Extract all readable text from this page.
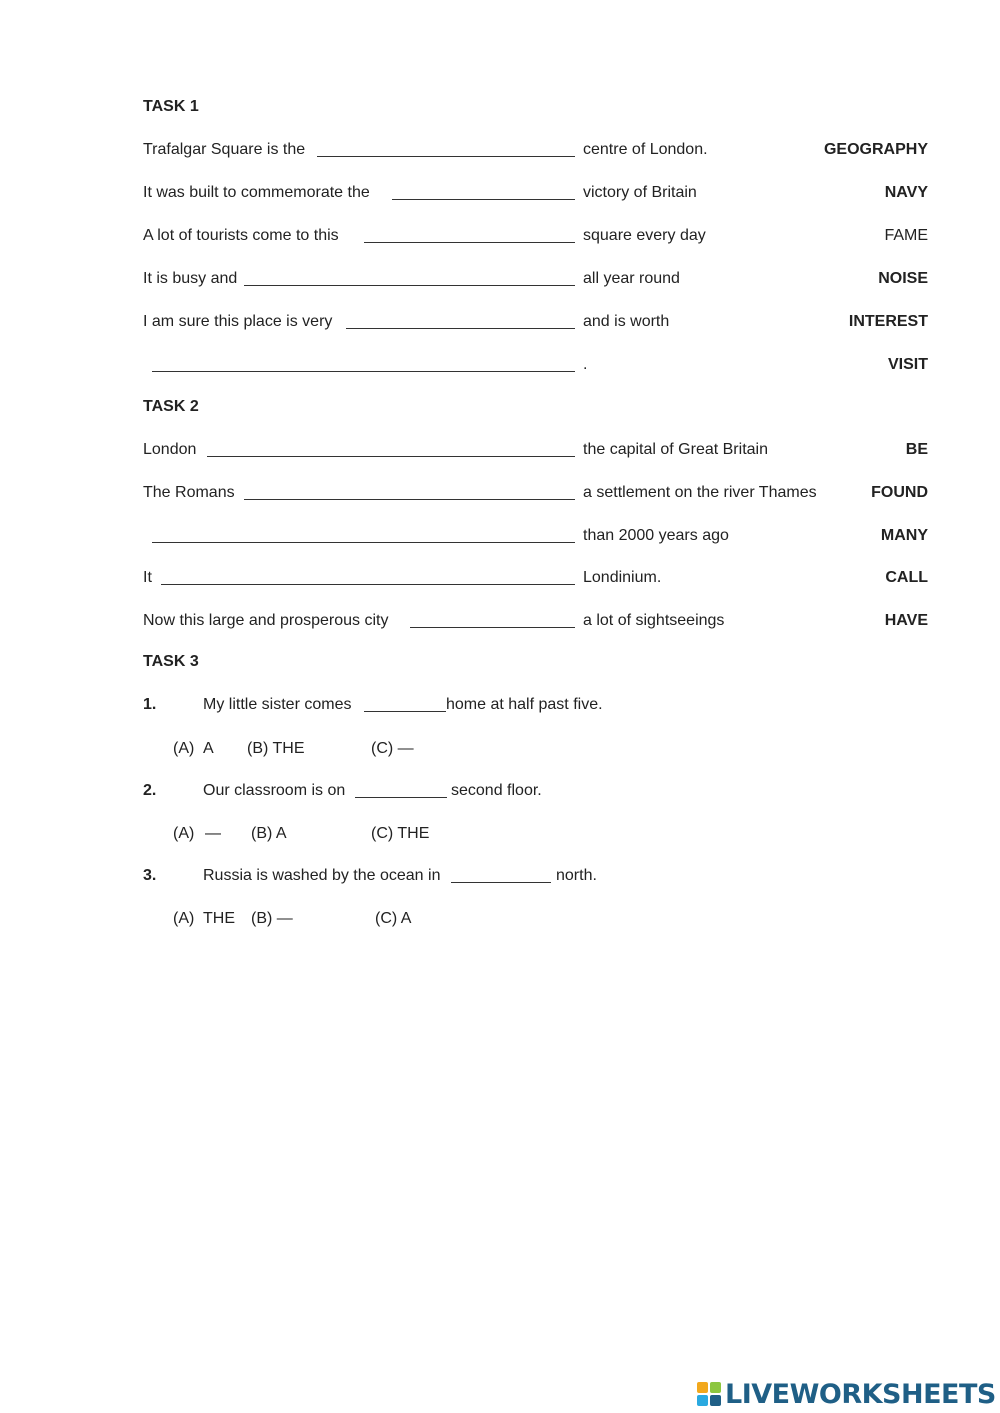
TASK 1
Trafalgar Square is the	centre of London.	GEOGRAPHY
It was built to commemorate the	victory of Britain	NAVY
A lot of tourists come to this	square every day	FAME
It is busy and	all year round	NOISE
I am sure this place is very	and is worth	INTEREST
.	VISIT
TASK 2
London	the capital of Great Britain	BE
The Romans	a settlement on the river Thames	FOUND
than 2000 years ago	MANY
It	Londinium.	CALL
Now this large and prosperous city	a lot of sightseeings	HAVE
TASK 3
1.	My little sister comes	home at half past five.
(A) A (B) THE	(C) —
2.	Our classroom is on	second floor.
(A) — (B) A	(C) THE
3.	Russia is washed by the ocean in	north.
(A) THE (B) —	(C) A
LIVEWORKSHEETS
